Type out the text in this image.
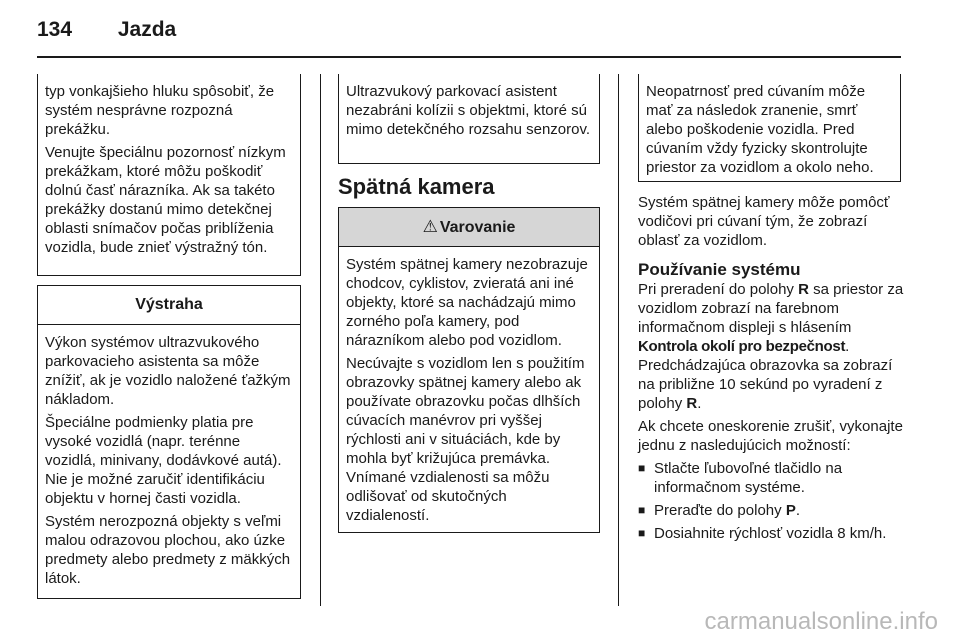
134 Jazda

typ vonkajšieho hluku spôsobiť, že systém nesprávne rozpozná prekážku.

Venujte špeciálnu pozornosť nízkym prekážkam, ktoré môžu poškodiť dolnú časť nárazníka. Ak sa takéto prekážky dostanú mimo detekčnej oblasti snímačov počas priblíženia vozidla, bude znieť výstražný tón.

Výstraha

Výkon systémov ultrazvukového parkovacieho asistenta sa môže znížiť, ak je vozidlo naložené ťažkým nákladom.

Špeciálne podmienky platia pre vysoké vozidlá (napr. terénne vozidlá, minivany, dodávkové autá). Nie je možné zaručiť identifikáciu objektu v hornej časti vozidla.

Systém nerozpozná objekty s veľmi malou odrazovou plochou, ako úzke predmety alebo predmety z mäkkých látok.

Ultrazvukový parkovací asistent nezabráni kolízii s objektmi, ktoré sú mimo detekčného rozsahu senzorov.

Spätná kamera
⚠ Varovanie

Systém spätnej kamery nezobrazuje chodcov, cyklistov, zvieratá ani iné objekty, ktoré sa nachádzajú mimo zorného poľa kamery, pod nárazníkom alebo pod vozidlom.

Necúvajte s vozidlom len s použitím obrazovky spätnej kamery alebo ak používate obrazovku počas dlhších cúvacích manévrov pri vyššej rýchlosti ani v situáciách, kde by mohla byť križujúca premávka. Vnímané vzdialenosti sa môžu odlišovať od skutočných vzdialeností.

Neopatrnosť pred cúvaním môže mať za následok zranenie, smrť alebo poškodenie vozidla. Pred cúvaním vždy fyzicky skontrolujte priestor za vozidlom a okolo neho.

Systém spätnej kamery môže pomôcť vodičovi pri cúvaní tým, že zobrazí oblasť za vozidlom.

Používanie systému

Pri preradení do polohy R sa priestor za vozidlom zobrazí na farebnom informačnom displeji s hlásením Kontrola okolí pro bezpečnost. Predchádzajúca obrazovka sa zobrazí na približne 10 sekúnd po vyradení z polohy R.

Ak chcete oneskorenie zrušiť, vykonajte jednu z nasledujúcich možností:

■ Stlačte ľubovoľné tlačidlo na informačnom systéme.
■ Preraďte do polohy P.
■ Dosiahnite rýchlosť vozidla 8 km/h.
carmanualsonline.info
